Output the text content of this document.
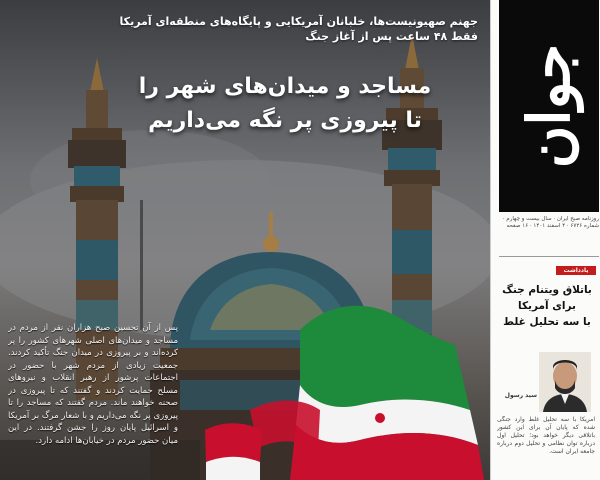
جهنم صهیونیست‌ها، خلبانان آمریکایی و پایگاه‌های منطقه‌ای آمریکا
فقط ۴۸ ساعت پس از آغاز جنگ
مساجد و میدان‌های شهر را
تا پیروزی پر نگه می‌داریم
پس از آن تحسین صبح هزاران نفر از مردم در مساجد و میدان‌های اصلی شهرهای کشور را پر کرده‌اند و بر پیروزی در میدان جنگ تأکید کردند. جمعیت زیادی از مردم شهر با حضور در اجتماعات پرشور از رهبر انقلاب و نیروهای مسلح حمایت کردند و گفتند که تا پیروزی در صحنه خواهند ماند. مردم گفتند که مساجد را تا پیروزی پر نگه می‌داریم و با شعار مرگ بر آمریکا و اسرائیل پایان روز را جشن گرفتند. در این میان حضور مردم در خیابان‌ها ادامه دارد.
جوان
روزنامه صبح ایران · سال بیست و چهارم · شماره ۶۷۲۶ · ۴ اسفند ۱۴۰۱ · ۱۶ صفحه
یادداشت
باتلاق ویتنام جنگ
برای آمریکا
با سه تحلیل غلط
سید رسول
آمریکا با سه تحلیل غلط وارد جنگی شده که پایان آن برای این کشور باتلاقی دیگر خواهد بود؛ تحلیل اول درباره توان نظامی و تحلیل دوم درباره جامعه ایران است.
